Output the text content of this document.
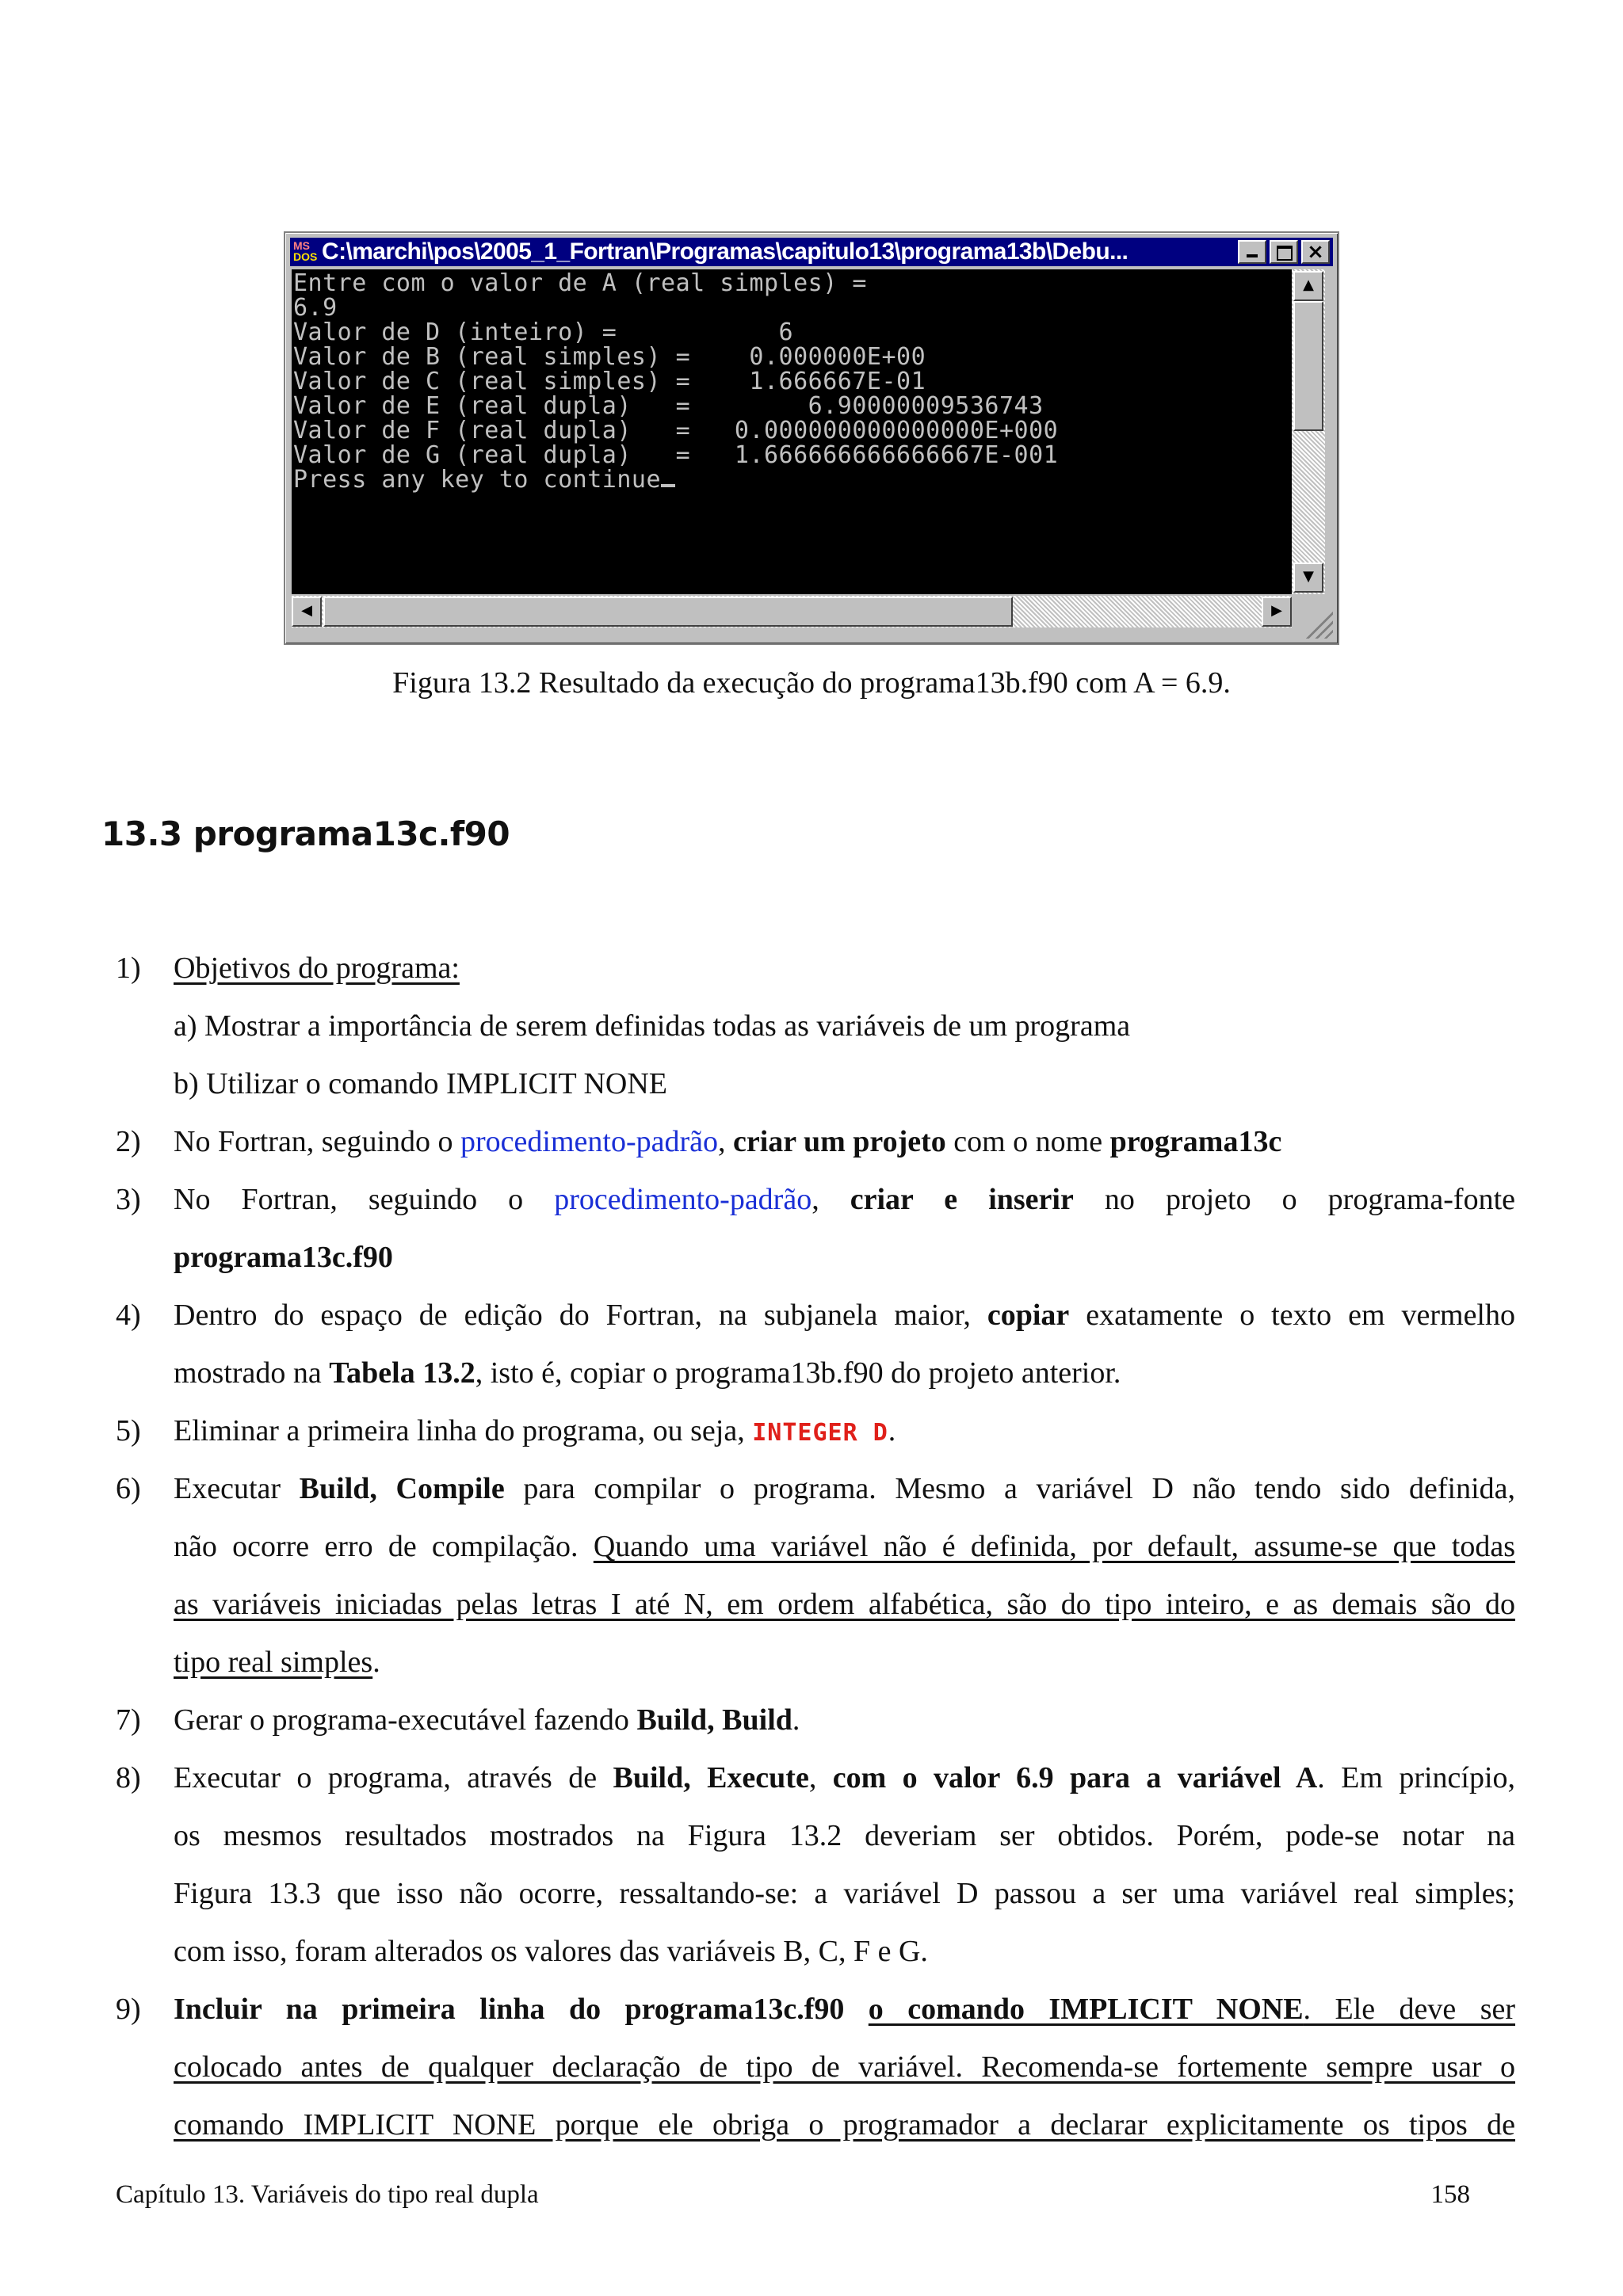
MS
DOS C:\marchi\pos\2005_1_Fortran\Programas\capitulo13\programa13b\Debu...	×
Entre com o valor de A (real simples) =
6.9
Valor de D (inteiro) =           6
Valor de B (real simples) =    0.000000E+00
Valor de C (real simples) =    1.666667E-01
Valor de E (real dupla)   =        6.90000009536743
Valor de F (real dupla)   =   0.000000000000000E+000
Valor de G (real dupla)   =   1.666666666666667E-001
Press any key to continue
▲
▼
◀	▶
Figura 13.2 Resultado da execução do programa13b.f90 com A = 6.9.
13.3 programa13c.f90
1) Objetivos do programa:
a) Mostrar a importância de serem definidas todas as variáveis de um programa
b) Utilizar o comando IMPLICIT NONE
2) No Fortran, seguindo o procedimento-padrão, criar um projeto com o nome programa13c
3) No Fortran, seguindo o procedimento-padrão, criar e inserir no projeto o programa-fonte
programa13c.f90
4) Dentro do espaço de edição do Fortran, na subjanela maior, copiar exatamente o texto em vermelho
mostrado na Tabela 13.2, isto é, copiar o programa13b.f90 do projeto anterior.
5) Eliminar a primeira linha do programa, ou seja, INTEGER D.
6) Executar Build, Compile para compilar o programa. Mesmo a variável D não tendo sido definida,
não ocorre erro de compilação. Quando uma variável não é definida, por default, assume-se que todas
as variáveis iniciadas pelas letras I até N, em ordem alfabética, são do tipo inteiro, e as demais são do
tipo real simples.
7) Gerar o programa-executável fazendo Build, Build.
8) Executar o programa, através de Build, Execute, com o valor 6.9 para a variável A. Em princípio,
os mesmos resultados mostrados na Figura 13.2 deveriam ser obtidos. Porém, pode-se notar na
Figura 13.3 que isso não ocorre, ressaltando-se: a variável D passou a ser uma variável real simples;
com isso, foram alterados os valores das variáveis B, C, F e G.
9) Incluir na primeira linha do programa13c.f90 o comando IMPLICIT NONE. Ele deve ser
colocado antes de qualquer declaração de tipo de variável. Recomenda-se fortemente sempre usar o
comando IMPLICIT NONE porque ele obriga o programador a declarar explicitamente os tipos de
Capítulo 13. Variáveis do tipo real dupla	158
